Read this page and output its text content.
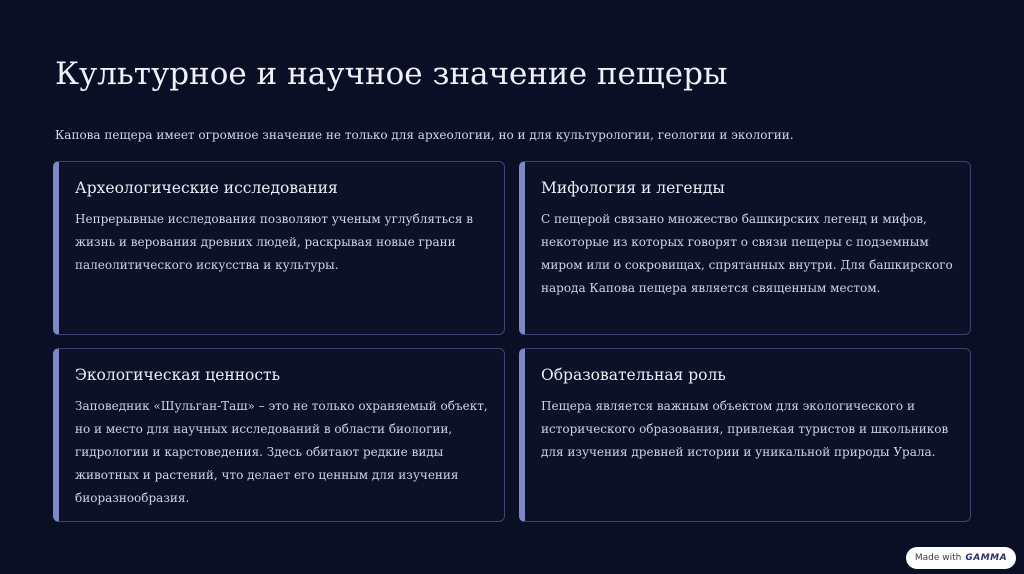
Культурное и научное значение пещеры

Капова пещера имеет огромное значение не только для археологии, но и для культурологии, геологии и экологии.

Археологические исследования

Непрерывные исследования позволяют ученым углубляться в жизнь и верования древних людей, раскрывая новые грани палеолитического искусства и культуры.

Мифология и легенды

С пещерой связано множество башкирских легенд и мифов, некоторые из которых говорят о связи пещеры с подземным миром или о сокровищах, спрятанных внутри. Для башкирского народа Капова пещера является священным местом.

Экологическая ценность

Заповедник «Шульган-Таш» – это не только охраняемый объект, но и место для научных исследований в области биологии, гидрологии и карстоведения. Здесь обитают редкие виды животных и растений, что делает его ценным для изучения биоразнообразия.

Образовательная роль

Пещера является важным объектом для экологического и исторического образования, привлекая туристов и школьников для изучения древней истории и уникальной природы Урала.

Made with GAMMA
